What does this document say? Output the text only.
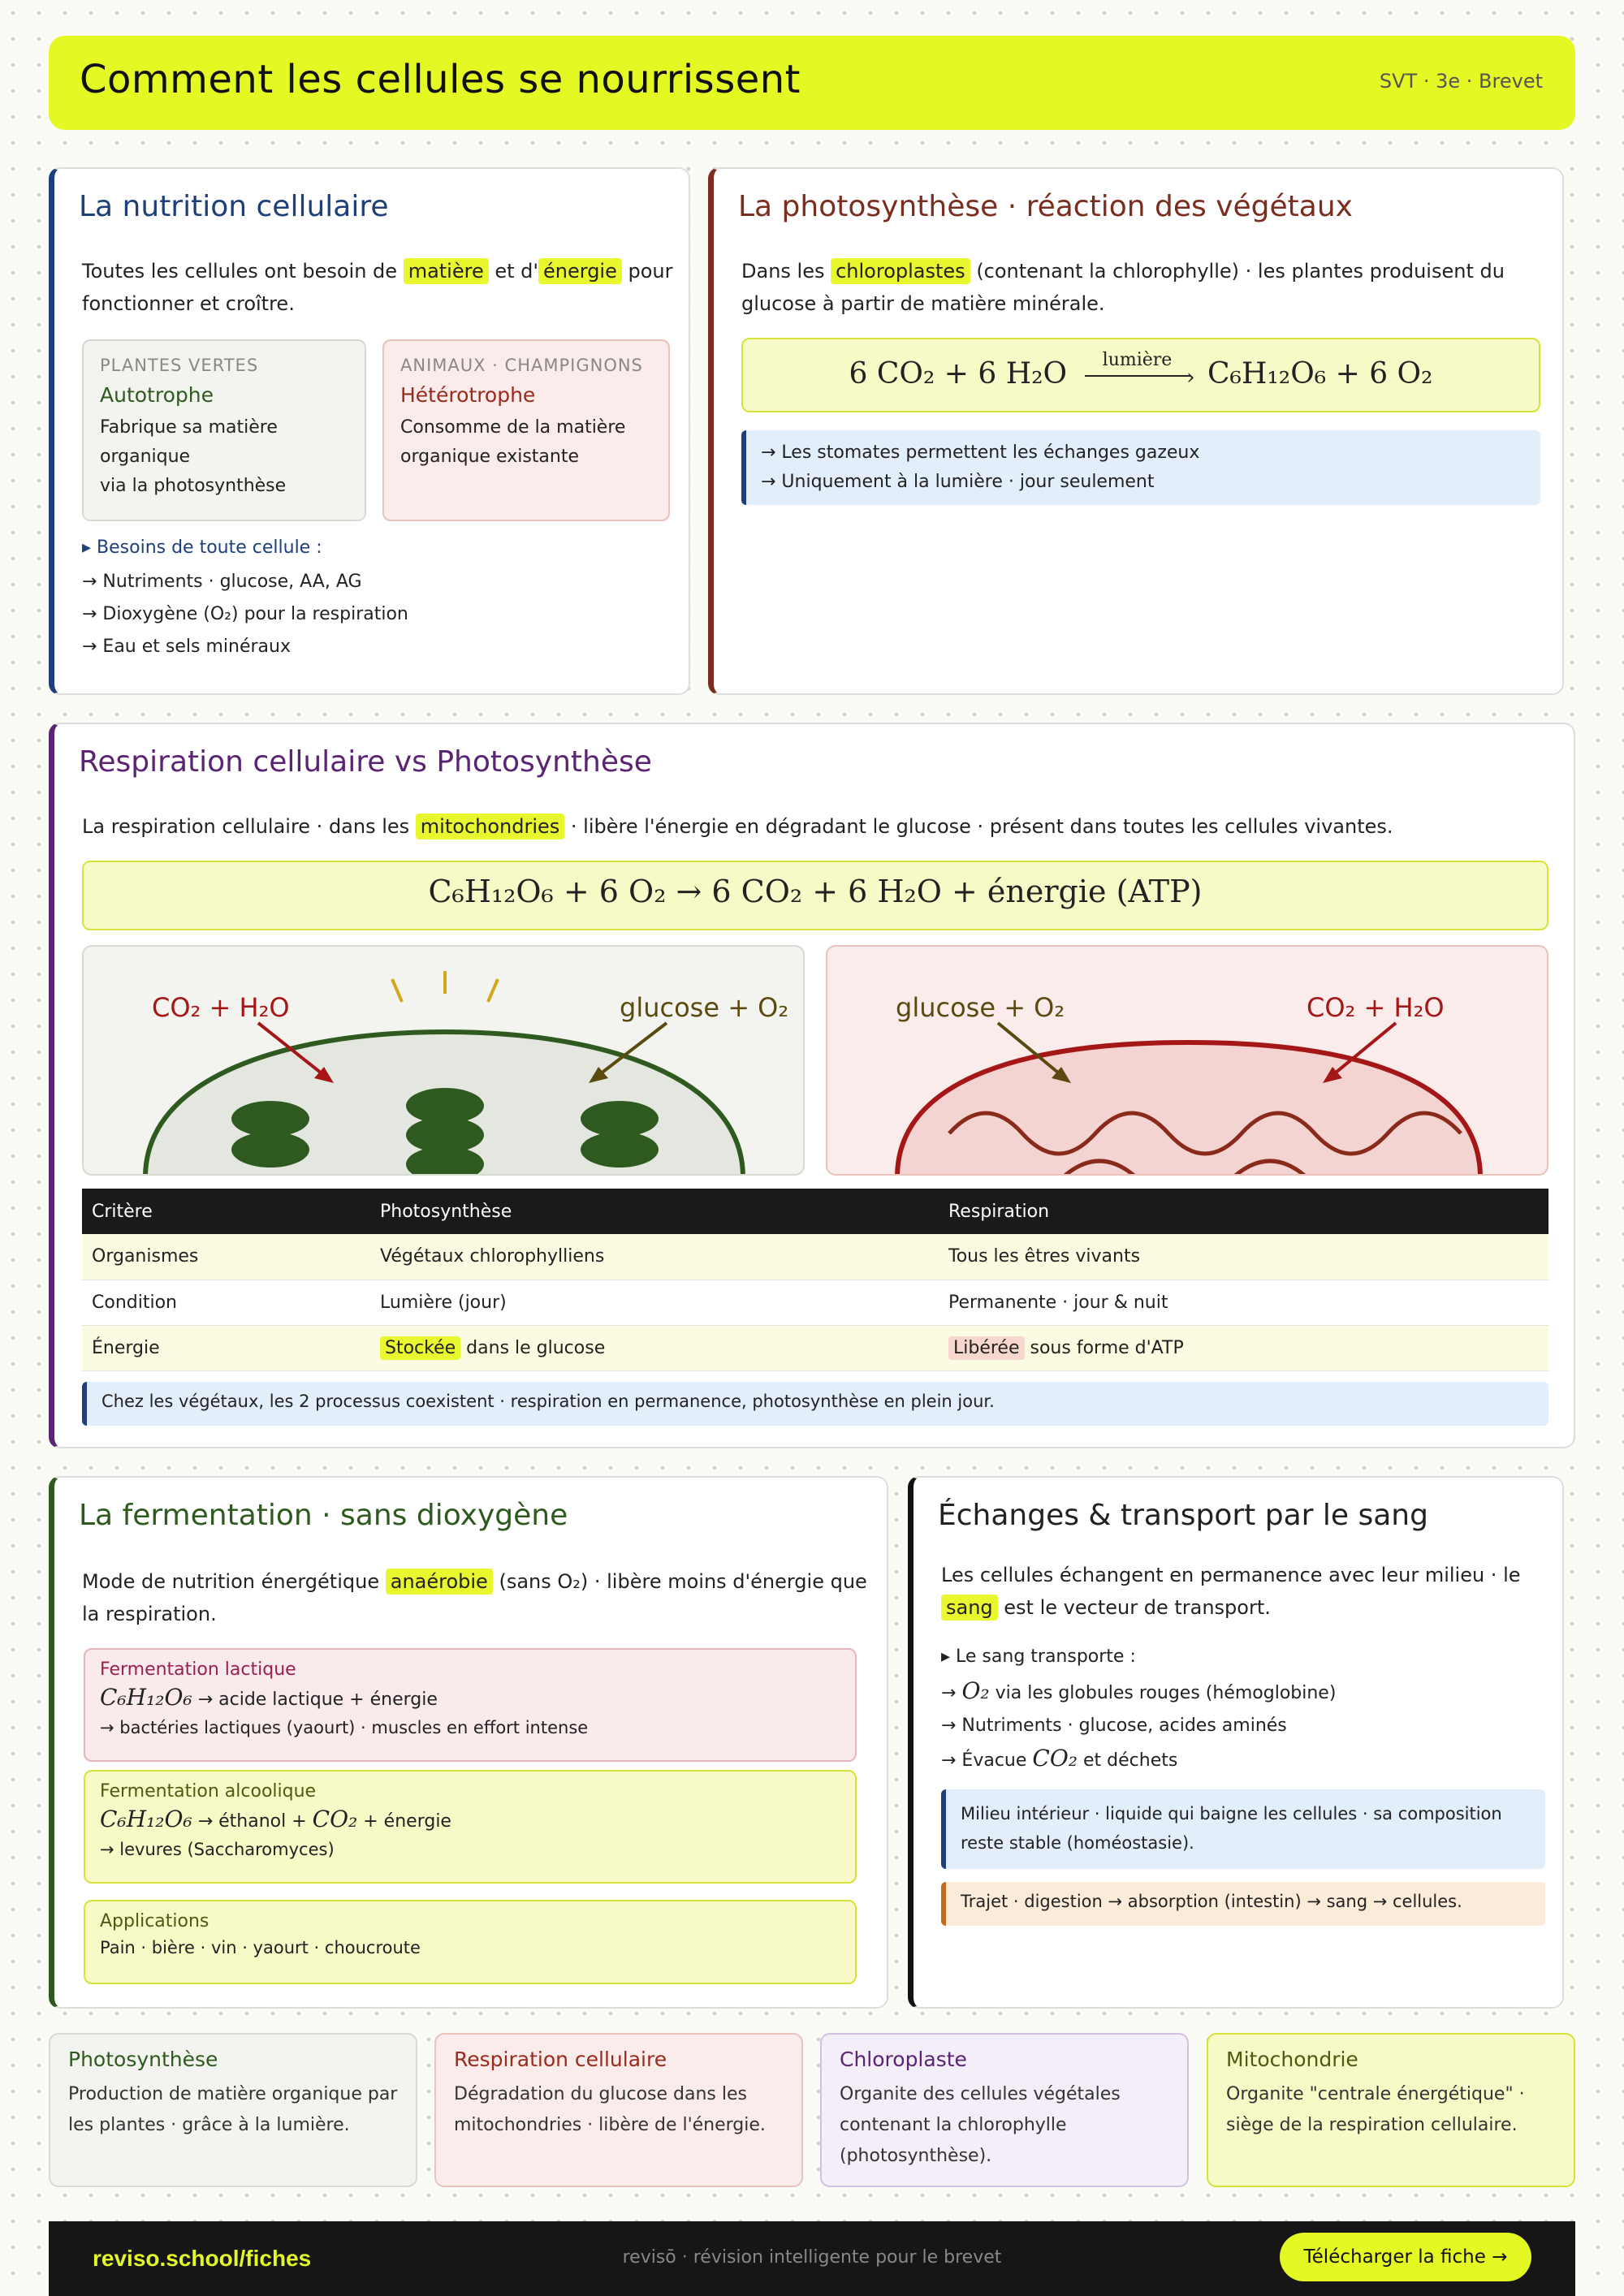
Comment les cellules se nourrissent	SVT · 3e · Brevet
La nutrition cellulaire
Toutes les cellules ont besoin de matière et d' énergie pour fonctionner et croître.
PLANTES VERTES
Autotrophe
Fabrique sa matière organique
via la photosynthèse
ANIMAUX · CHAMPIGNONS
Hétérotrophe
Consomme de la matière organique existante
▸ Besoins de toute cellule :
→ Nutriments · glucose, AA, AG
→ Dioxygène (O₂) pour la respiration
→ Eau et sels minéraux
La photosynthèse · réaction des végétaux
Dans les chloroplastes (contenant la chlorophylle) · les plantes produisent du glucose à partir de matière minérale.
6 CO₂ + 6 H₂O $^{lumière}$
› C₆H₁₂O₆ + 6 O₂
→ Les stomates permettent les échanges gazeux
→ Uniquement à la lumière · jour seulement
Respiration cellulaire vs Photosynthèse
La respiration cellulaire · dans les mitochondries · libère l'énergie en dégradant le glucose · présent dans toutes les cellules vivantes.
C₆H₁₂O₆ + 6 O₂ → 6 CO₂ + 6 H₂O + énergie (ATP)
CO₂ + H₂O	glucose + O₂	glucose + O₂	CO₂ + H₂O
Critère	Photosynthèse	Respiration
Organismes	Végétaux chlorophylliens	Tous les êtres vivants
Condition	Lumière (jour)	Permanente · jour & nuit
Énergie	Stockée dans le glucose	Libérée sous forme d'ATP
Chez les végétaux, les 2 processus coexistent · respiration en permanence, photosynthèse en plein jour.
La fermentation · sans dioxygène
Mode de nutrition énergétique anaérobie (sans O₂) · libère moins d'énergie que la respiration.
Fermentation lactique
C₆H₁₂O₆ → acide lactique + énergie
→ bactéries lactiques (yaourt) · muscles en effort intense
Fermentation alcoolique
C₆H₁₂O₆ → éthanol + CO₂ + énergie
→ levures (Saccharomyces)
Applications
Pain · bière · vin · yaourt · choucroute
Échanges & transport par le sang
Les cellules échangent en permanence avec leur milieu · le sang est le vecteur de transport.
▸ Le sang transporte :
→ O₂ via les globules rouges (hémoglobine)
→ Nutriments · glucose, acides aminés
→ Évacue CO₂ et déchets
Milieu intérieur · liquide qui baigne les cellules · sa composition reste stable (homéostasie).
Trajet · digestion → absorption (intestin) → sang → cellules.
Photosynthèse
Production de matière organique par les plantes · grâce à la lumière.
Respiration cellulaire
Dégradation du glucose dans les mitochondries · libère de l'énergie.
Chloroplaste
Organite des cellules végétales contenant la chlorophylle (photosynthèse).
Mitochondrie
Organite "centrale énergétique" · siège de la respiration cellulaire.
reviso.school/fiches	revisō · révision intelligente pour le brevet	Télécharger la fiche →
